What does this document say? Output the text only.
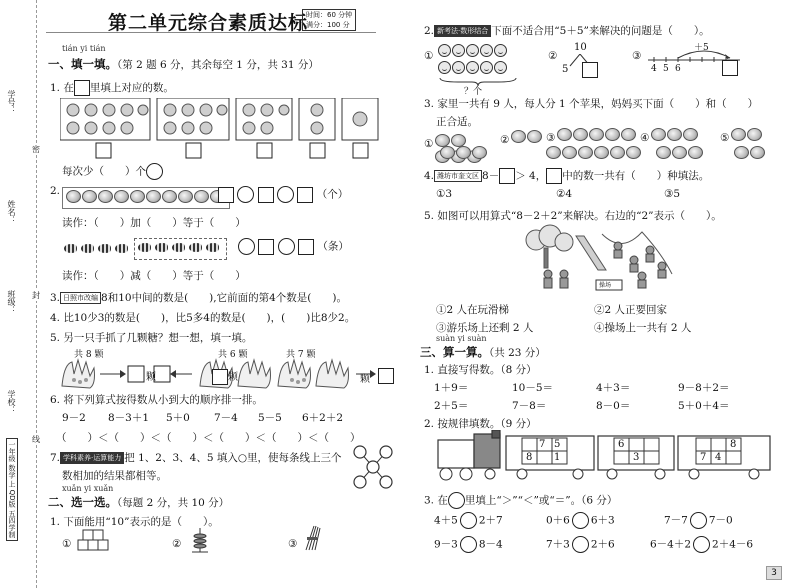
学号：
姓名：
班级：
学校：
密
封
线
一年级 数学 上 QD版 五四学制
第二单元综合素质达标
时间：60 分钟
满分：100 分
tián yi tián
一、填一填。（第 2 题 6 分，其余每空 1 分，共 31 分）
1. 在 里填上对应的数。
每次少（　　）个
2.	（个）
读作：（　　）加（　　）等于（　　）
（条）
读作：（　　）减（　　）等于（　　）
3. 日照市改编 8和10中间的数是(　　),它前面的第4个数是(　　)。
4. 比10少3的数是(　　)，比5多4的数是(　　)，(　　)比8少2。
5. 另一只手抓了几颗糖？想一想，填一填。
共 8 颗	共 6 颗	共 7 颗
颗	颗	颗
6. 将下列算式按得数从小到大的顺序排一排。
9－2 8－3＋1 5＋0 7－4 5－5 6＋2＋2
（　　）＜（　　）＜（　　）＜（　　）＜（　　）＜（　　）
7. 学科素养·运算能力 把 1、2、3、4、5 填入○里，使每条线上三个
数相加的结果都相等。
xuǎn yi xuǎn
二、选一选。（每题 2 分，共 10 分）
1. 下面能用“10”表示的是（　　）。
①	②	③
2. 新考法·数形结合 下面不适合用“5＋5”来解决的问题是（　　）。
①
？个
②
10
5
③
＋5
4 5 6
3. 家里一共有 9 人，每人分 1 个苹果，妈妈买下面（　　）和（　　）
正合适。
①	②	③	④	⑤
4. 潍坊市奎文区 8－ ＞ 4， 中的数一共有（　　）种填法。
①3	②4	③5
5. 如图可以用算式“8－2＋2”来解决。右边的“2”表示（　　）。
操场
①2 人在玩滑梯	②2 人正要回家
③游乐场上还剩 2 人	④操场上一共有 2 人
suàn yi suàn
三、算一算。（共 23 分）
1. 直接写得数。（8 分）
1＋9＝	10－5＝	4＋3＝	9－8＋2＝
2＋5＝	7－8＝	8－0＝	5＋0＋4＝
2. 按规律填数。（9 分）
7 5
8 1
6
3
8
7 4
3. 在 里填上“＞”“＜”或“＝”。（6 分）
4＋5 2＋7	0＋6 6＋3	7－7 7－0
9－3 8－4	7＋3 2＋6	6－4＋2 2＋4－6
3
